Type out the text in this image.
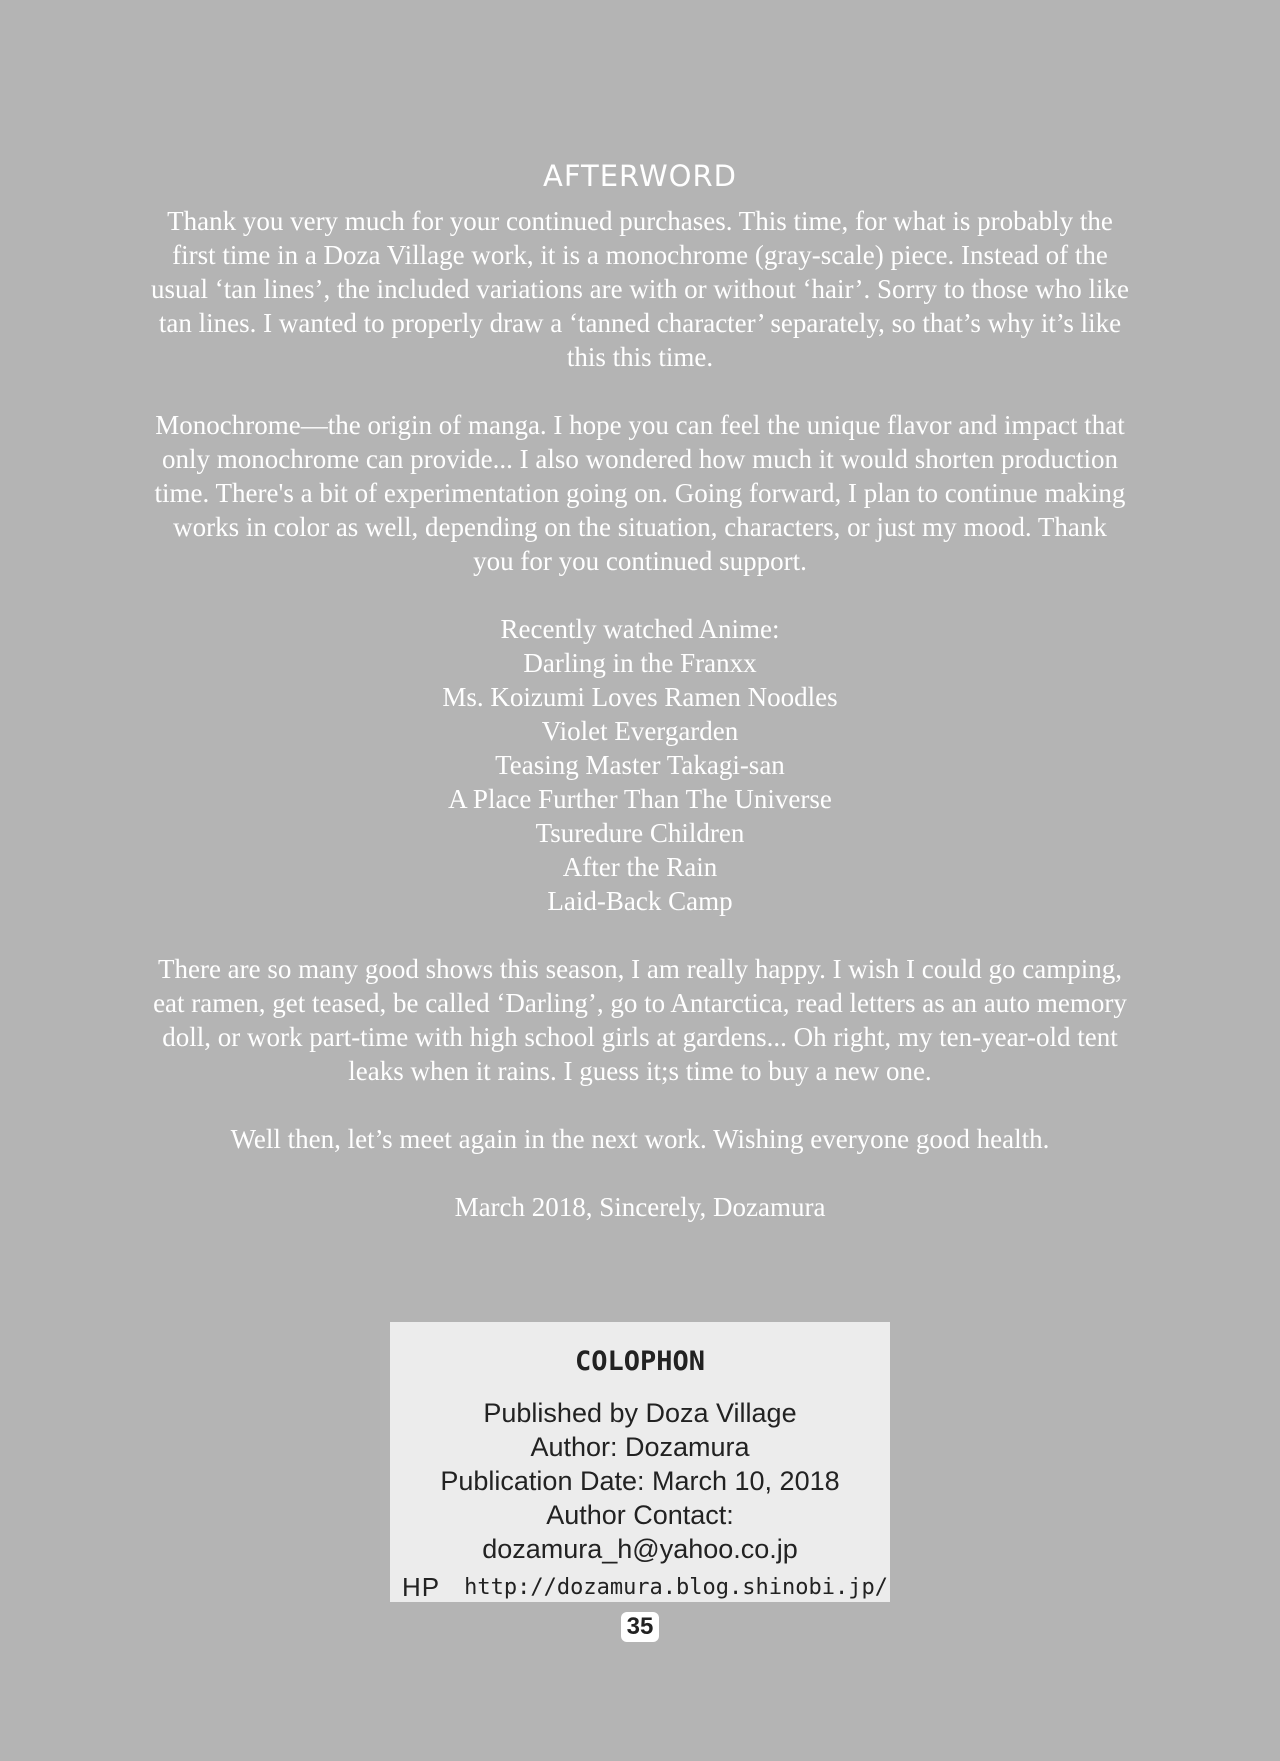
AFTERWORD

Thank you very much for your continued purchases. This time, for what is probably the first time in a Doza Village work, it is a monochrome (gray-scale) piece. Instead of the usual ‘tan lines’, the included variations are with or without ‘hair’. Sorry to those who like tan lines. I wanted to properly draw a ‘tanned character’ separately, so that’s why it’s like this this time.

Monochrome—the origin of manga. I hope you can feel the unique flavor and impact that only monochrome can provide... I also wondered how much it would shorten production time. There's a bit of experimentation going on. Going forward, I plan to continue making works in color as well, depending on the situation, characters, or just my mood. Thank you for you continued support.

Recently watched Anime:

Darling in the Franxx
Ms. Koizumi Loves Ramen Noodles
Violet Evergarden
Teasing Master Takagi-san
A Place Further Than The Universe
Tsuredure Children
After the Rain
Laid-Back Camp

There are so many good shows this season, I am really happy. I wish I could go camping, eat ramen, get teased, be called ‘Darling’, go to Antarctica, read letters as an auto memory doll, or work part-time with high school girls at gardens... Oh right, my ten-year-old tent leaks when it rains. I guess it;s time to buy a new one.

Well then, let’s meet again in the next work. Wishing everyone good health.

March 2018, Sincerely, Dozamura

COLOPHON

Published by Doza Village

Author: Dozamura

Publication Date: March 10, 2018

Author Contact: dozamura_h@yahoo.co.jp

HP http://dozamura.blog.shinobi.jp/
35
